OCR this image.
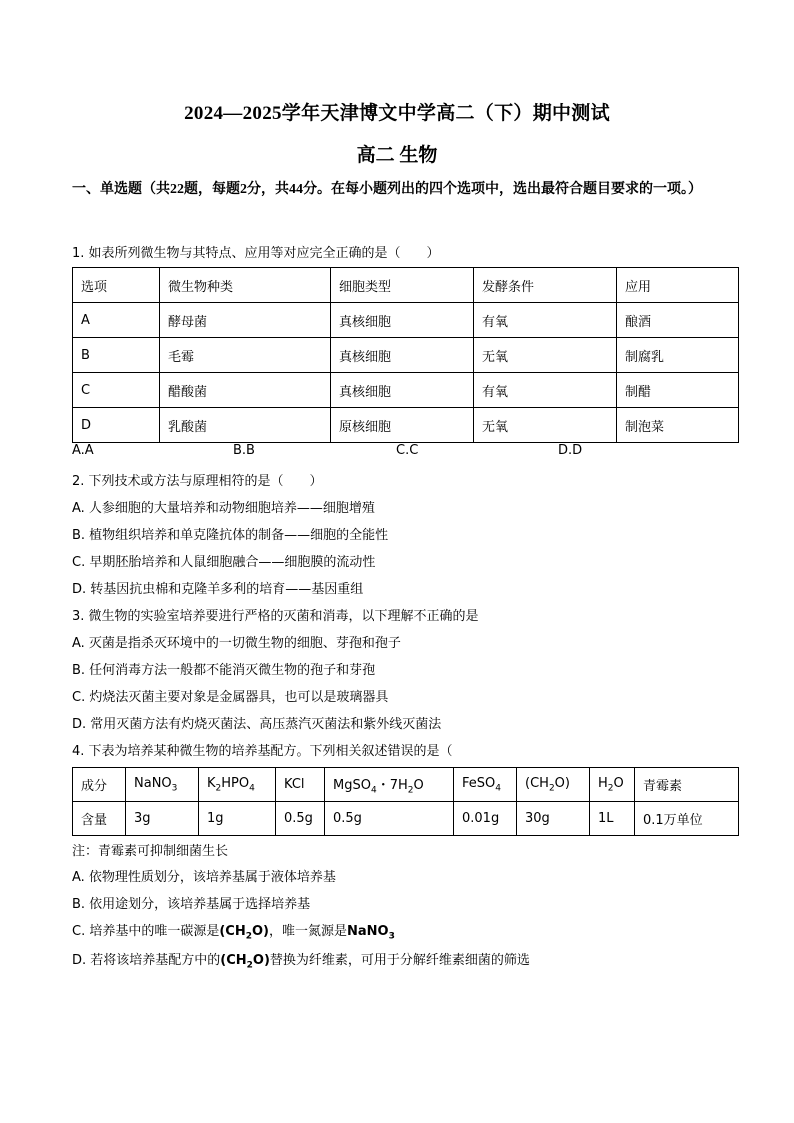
2024—2025学年天津博文中学高二（下）期中测试
高二 生物
一、单选题（共22题，每题2分，共44分。在每小题列出的四个选项中，选出最符合题目要求的一项。）
1. 如表所列微生物与其特点、应用等对应完全正确的是（　　）
选项	微生物种类	细胞类型	发酵条件	应用
A	酵母菌	真核细胞	有氧	酿酒
B	毛霉	真核细胞	无氧	制腐乳
C	醋酸菌	真核细胞	有氧	制醋
D	乳酸菌	原核细胞	无氧	制泡菜
A.A	B.B	C.C	D.D
2. 下列技术或方法与原理相符的是（　　）
A. 人参细胞的大量培养和动物细胞培养——细胞增殖
B. 植物组织培养和单克隆抗体的制备——细胞的全能性
C. 早期胚胎培养和人鼠细胞融合——细胞膜的流动性
D. 转基因抗虫棉和克隆羊多利的培育——基因重组
3. 微生物的实验室培养要进行严格的灭菌和消毒，以下理解不正确的是
A. 灭菌是指杀灭环境中的一切微生物的细胞、芽孢和孢子
B. 任何消毒方法一般都不能消灭微生物的孢子和芽孢
C. 灼烧法灭菌主要对象是金属器具，也可以是玻璃器具
D. 常用灭菌方法有灼烧灭菌法、高压蒸汽灭菌法和紫外线灭菌法
4. 下表为培养某种微生物的培养基配方。下列相关叙述错误的是（
成分	NaNO$_3$	$K_2HPO_4$	KCl	MgSO$_4$・$7H_2O$	FeSO$_4$	$(CH_2O)$	$H_2O$	青霉素
含量	3g	1g	0.5g	0.5g	0.01g	30g	1L	0.1万单位
注：青霉素可抑制细菌生长
A. 依物理性质划分，该培养基属于液体培养基
B. 依用途划分，该培养基属于选择培养基
C. 培养基中的唯一碳源是$(CH_2O)$，唯一氮源是NaNO$_3$
D. 若将该培养基配方中的$(CH_2O)$替换为纤维素，可用于分解纤维素细菌的筛选
